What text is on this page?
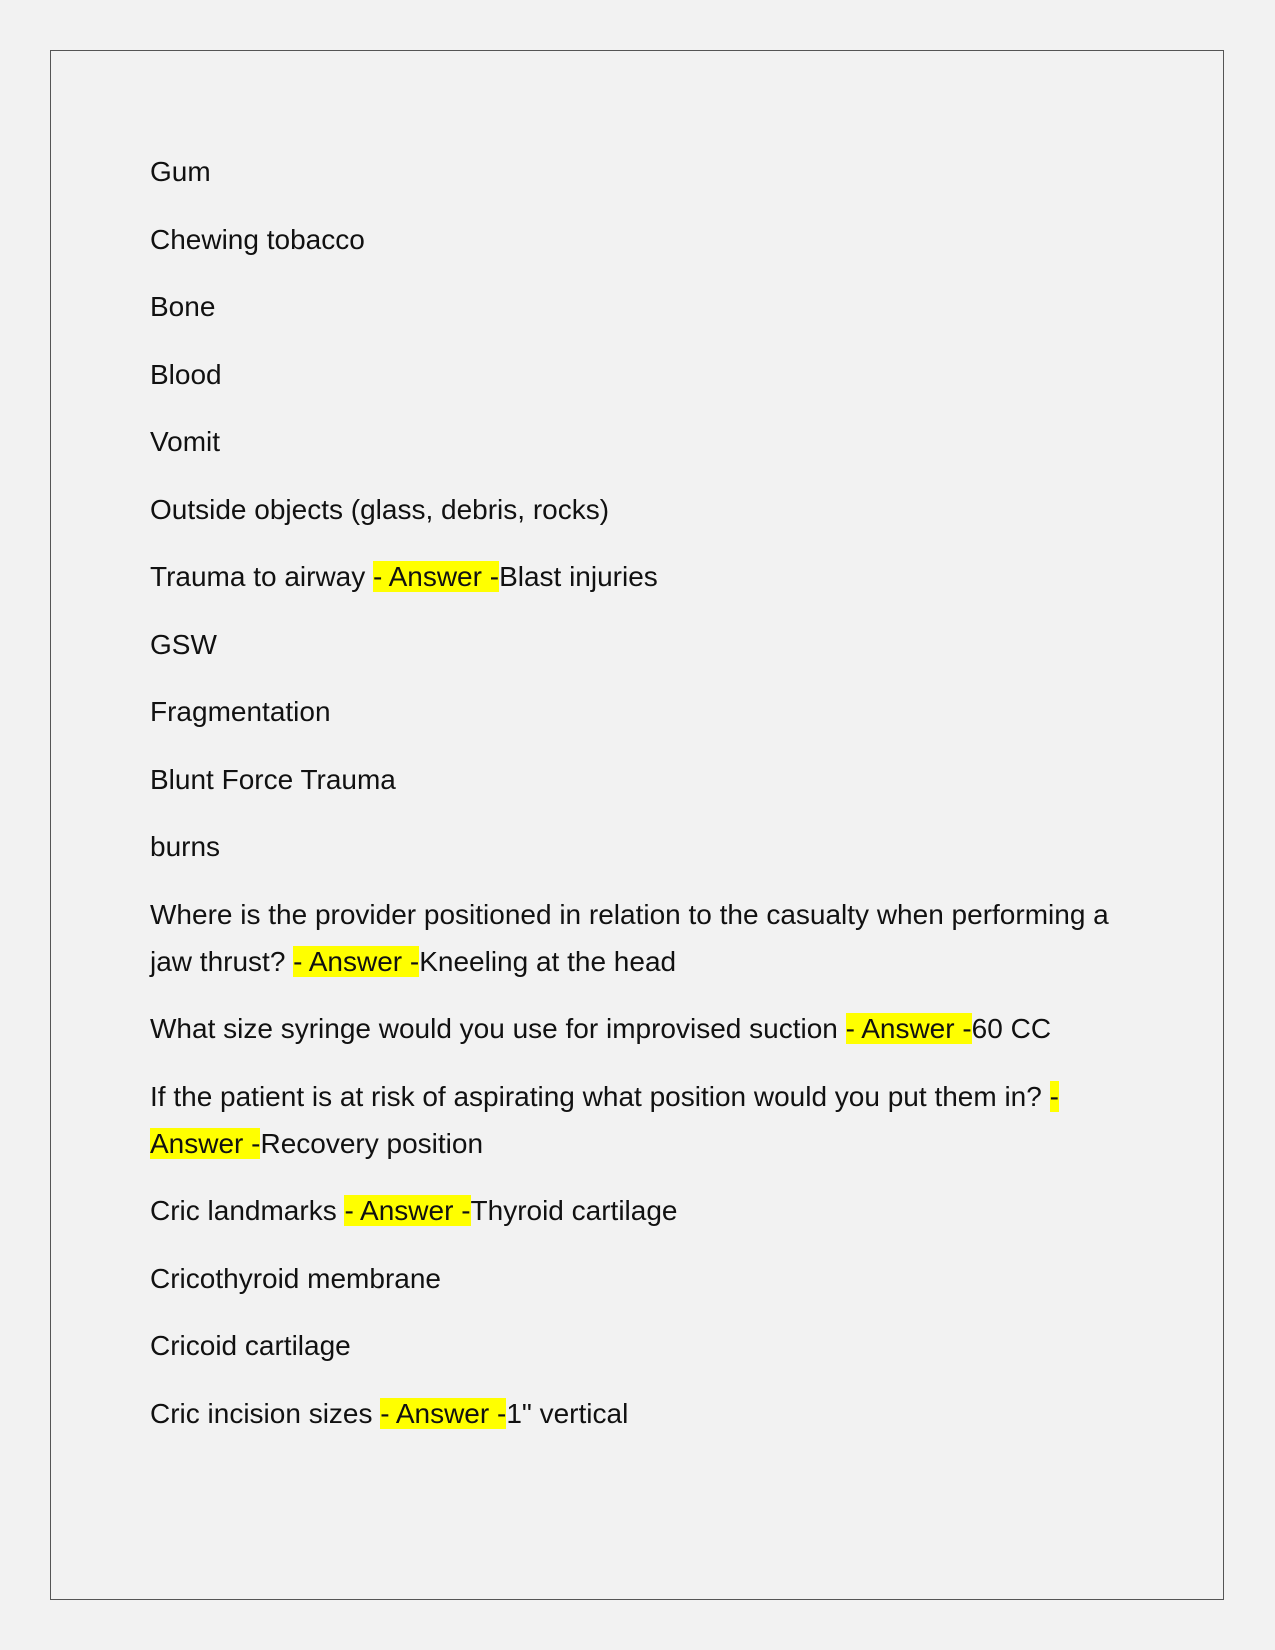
Gum

Chewing tobacco

Bone

Blood

Vomit

Outside objects (glass, debris, rocks)

Trauma to airway - Answer -Blast injuries

GSW

Fragmentation

Blunt Force Trauma

burns

Where is the provider positioned in relation to the casualty when performing a jaw thrust? - Answer -Kneeling at the head

What size syringe would you use for improvised suction - Answer -60 CC

If the patient is at risk of aspirating what position would you put them in? - Answer -Recovery position

Cric landmarks - Answer -Thyroid cartilage

Cricothyroid membrane

Cricoid cartilage

Cric incision sizes - Answer -1" vertical
